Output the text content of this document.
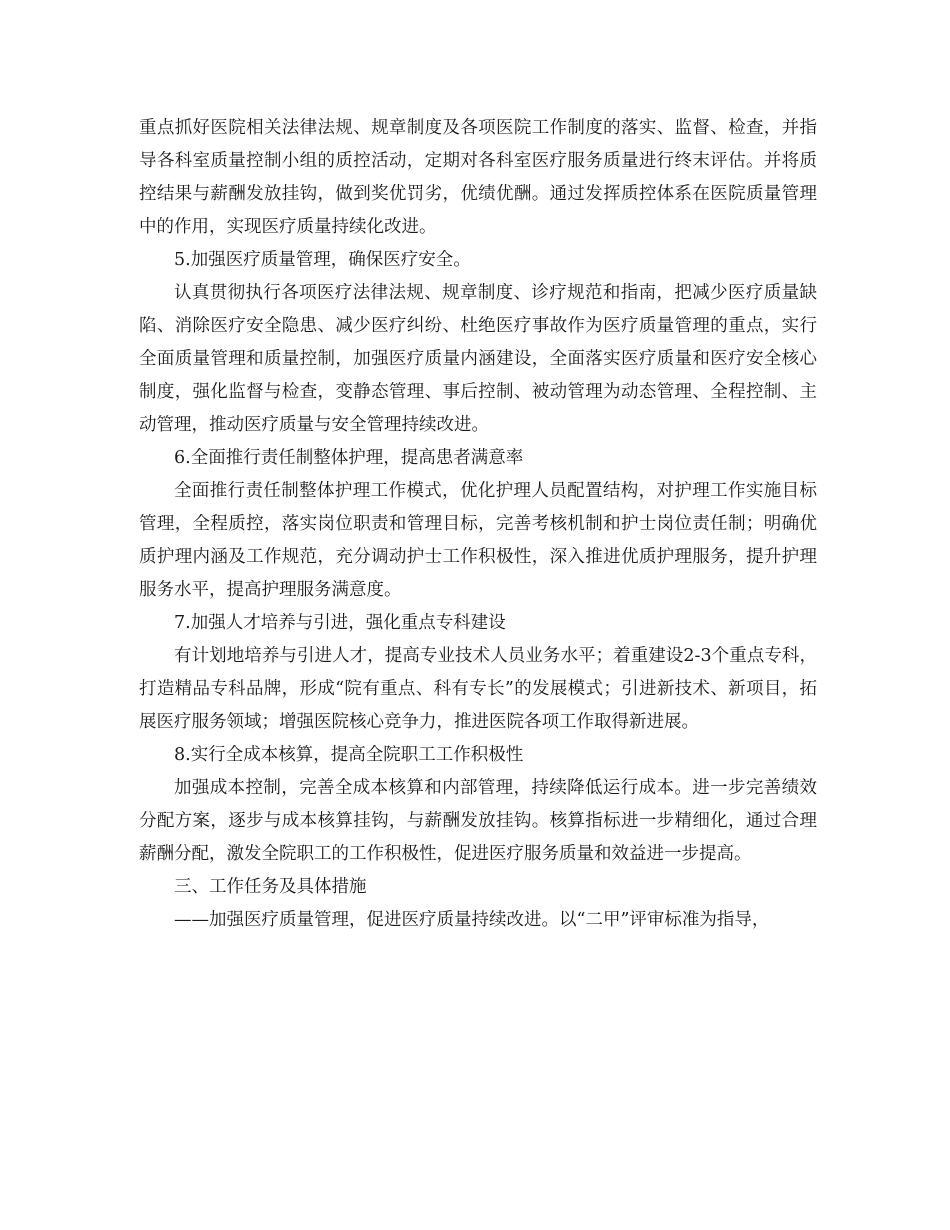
重点抓好医院相关法律法规、规章制度及各项医院工作制度的落实、监督、检查，并指导各科室质量控制小组的质控活动，定期对各科室医疗服务质量进行终末评估。并将质控结果与薪酬发放挂钩，做到奖优罚劣，优绩优酬。通过发挥质控体系在医院质量管理中的作用，实现医疗质量持续化改进。

5.加强医疗质量管理，确保医疗安全。

认真贯彻执行各项医疗法律法规、规章制度、诊疗规范和指南，把减少医疗质量缺陷、消除医疗安全隐患、减少医疗纠纷、杜绝医疗事故作为医疗质量管理的重点，实行全面质量管理和质量控制，加强医疗质量内涵建设，全面落实医疗质量和医疗安全核心制度，强化监督与检查，变静态管理、事后控制、被动管理为动态管理、全程控制、主动管理，推动医疗质量与安全管理持续改进。

6.全面推行责任制整体护理，提高患者满意率

全面推行责任制整体护理工作模式，优化护理人员配置结构，对护理工作实施目标管理，全程质控，落实岗位职责和管理目标，完善考核机制和护士岗位责任制；明确优质护理内涵及工作规范，充分调动护士工作积极性，深入推进优质护理服务，提升护理服务水平，提高护理服务满意度。

7.加强人才培养与引进，强化重点专科建设

有计划地培养与引进人才，提高专业技术人员业务水平；着重建设2-3个重点专科，打造精品专科品牌，形成“院有重点、科有专长”的发展模式；引进新技术、新项目，拓展医疗服务领域；增强医院核心竞争力，推进医院各项工作取得新进展。

8.实行全成本核算，提高全院职工工作积极性

加强成本控制，完善全成本核算和内部管理，持续降低运行成本。进一步完善绩效分配方案，逐步与成本核算挂钩，与薪酬发放挂钩。核算指标进一步精细化，通过合理薪酬分配，激发全院职工的工作积极性，促进医疗服务质量和效益进一步提高。

三、工作任务及具体措施

——加强医疗质量管理，促进医疗质量持续改进。以“二甲”评审标准为指导，
